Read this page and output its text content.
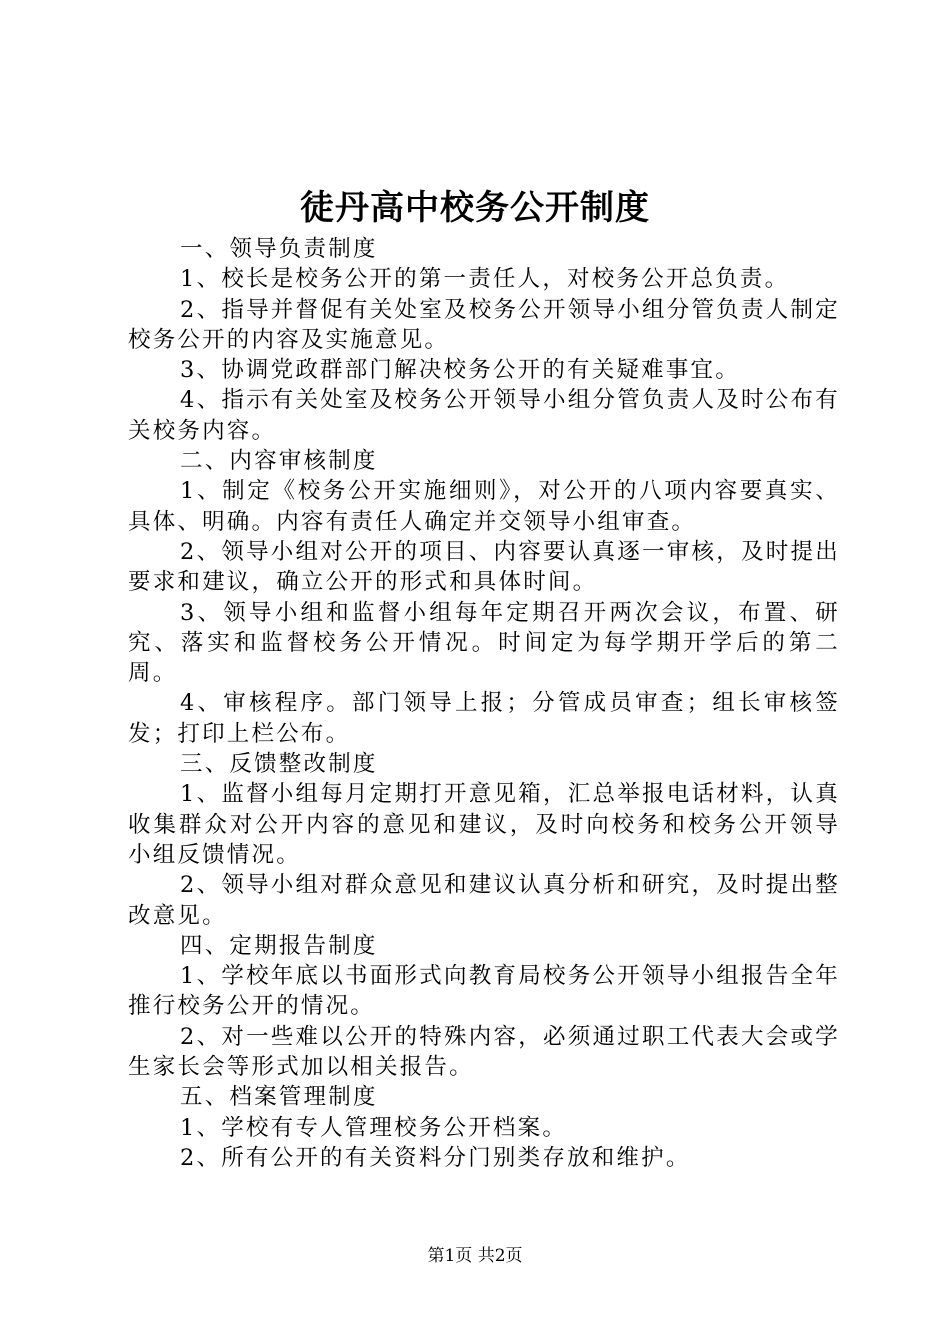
徒丹高中校务公开制度

一、领导负责制度

1、校长是校务公开的第一责任人，对校务公开总负责。

2、指导并督促有关处室及校务公开领导小组分管负责人制定校务公开的内容及实施意见。

3、协调党政群部门解决校务公开的有关疑难事宜。

4、指示有关处室及校务公开领导小组分管负责人及时公布有关校务内容。

二、内容审核制度

1、制定《校务公开实施细则》，对公开的八项内容要真实、具体、明确。内容有责任人确定并交领导小组审查。

2、领导小组对公开的项目、内容要认真逐一审核，及时提出要求和建议，确立公开的形式和具体时间。

3、领导小组和监督小组每年定期召开两次会议，布置、研究、落实和监督校务公开情况。时间定为每学期开学后的第二周。

4、审核程序。部门领导上报；分管成员审查；组长审核签发；打印上栏公布。

三、反馈整改制度

1、监督小组每月定期打开意见箱，汇总举报电话材料，认真收集群众对公开内容的意见和建议，及时向校务和校务公开领导小组反馈情况。

2、领导小组对群众意见和建议认真分析和研究，及时提出整改意见。

四、定期报告制度

1、学校年底以书面形式向教育局校务公开领导小组报告全年推行校务公开的情况。

2、对一些难以公开的特殊内容，必须通过职工代表大会或学生家长会等形式加以相关报告。

五、档案管理制度

1、学校有专人管理校务公开档案。

2、所有公开的有关资料分门别类存放和维护。

第1页 共2页
